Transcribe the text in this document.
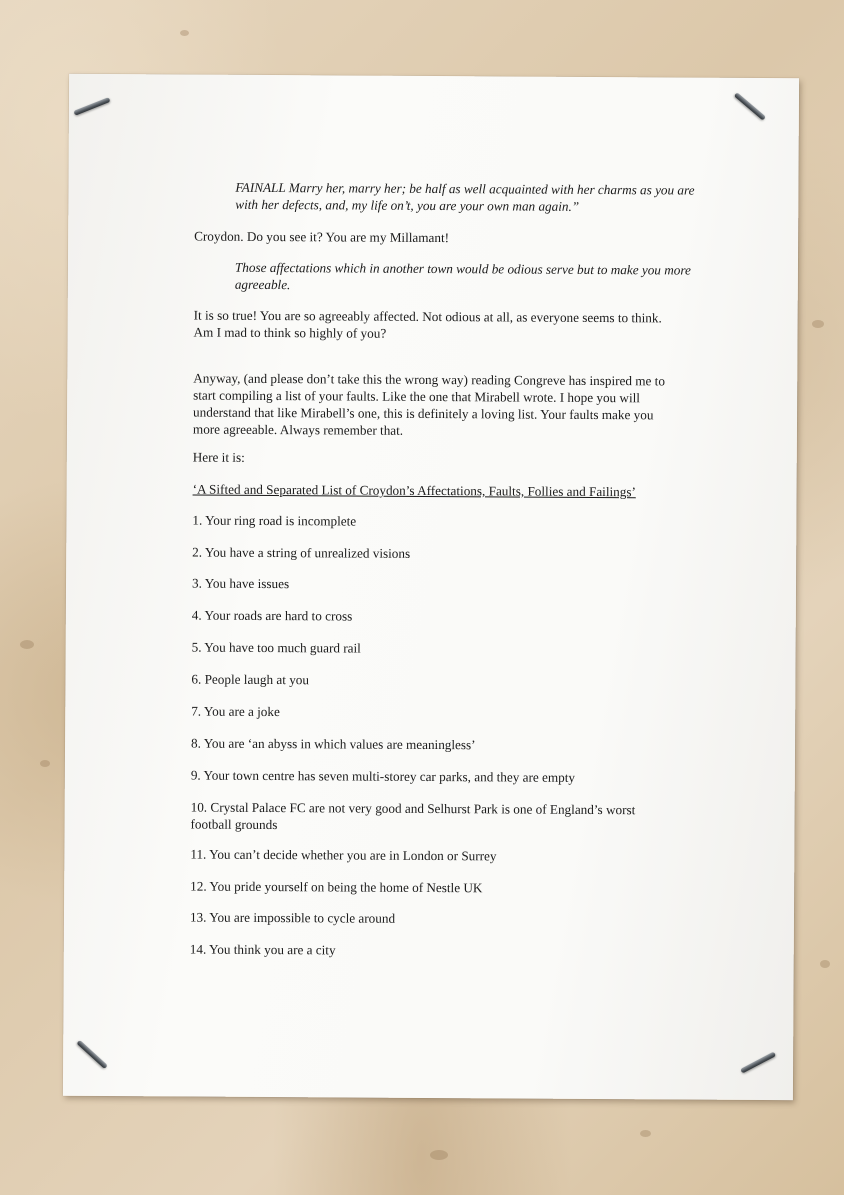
FAINALL Marry her, marry her; be half as well acquainted with her charms as you are with her defects, and, my life on’t, you are your own man again.”
Croydon. Do you see it? You are my Millamant!
Those affectations which in another town would be odious serve but to make you more agreeable.
It is so true! You are so agreeably affected. Not odious at all, as everyone seems to think.
Am I mad to think so highly of you?
Anyway, (and please don’t take this the wrong way) reading Congreve has inspired me to start compiling a list of your faults. Like the one that Mirabell wrote. I hope you will understand that like Mirabell’s one, this is definitely a loving list. Your faults make you more agreeable. Always remember that.
Here it is:
‘A Sifted and Separated List of Croydon’s Affectations, Faults, Follies and Failings’
1. Your ring road is incomplete
2. You have a string of unrealized visions
3. You have issues
4. Your roads are hard to cross
5. You have too much guard rail
6. People laugh at you
7. You are a joke
8. You are ‘an abyss in which values are meaningless’
9. Your town centre has seven multi-storey car parks, and they are empty
10. Crystal Palace FC are not very good and Selhurst Park is one of England’s worst football grounds
11. You can’t decide whether you are in London or Surrey
12. You pride yourself on being the home of Nestle UK
13. You are impossible to cycle around
14. You think you are a city
